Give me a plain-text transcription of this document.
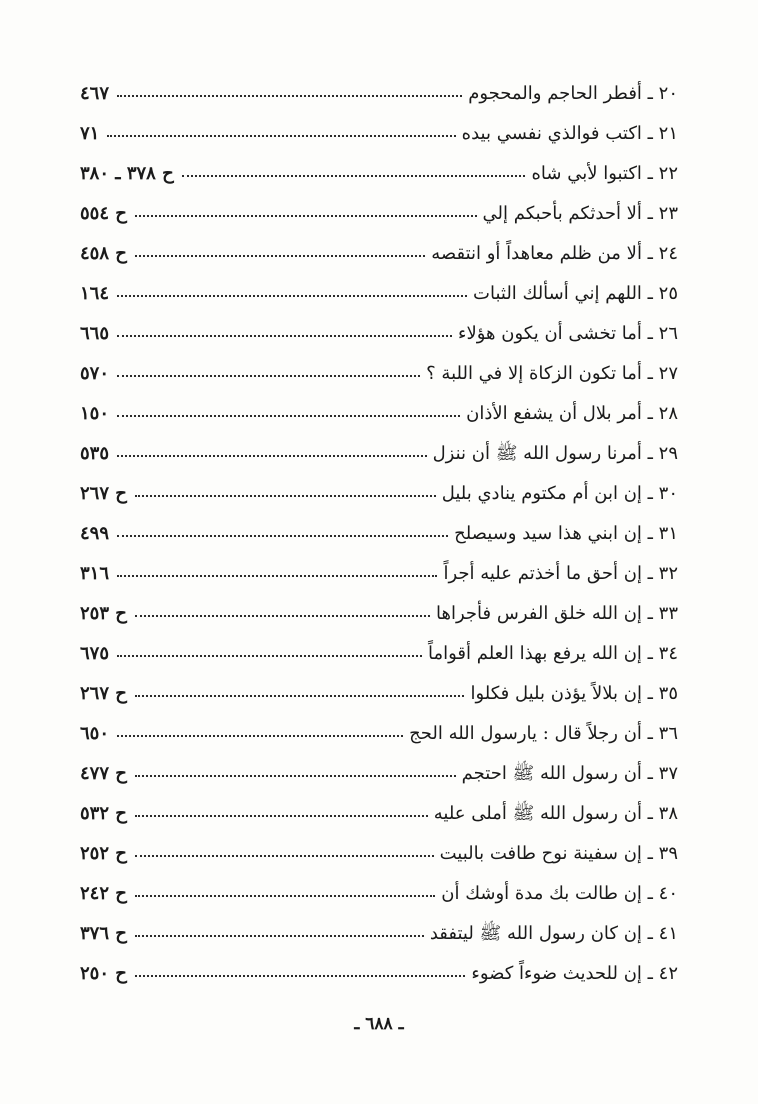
٢٠ ـ أفطر الحاجم والمحجوم
٤٦٧
٢١ ـ اكتب فوالذي نفسي بيده
٧١
٢٢ ـ اكتبوا لأبي شاه
ح ٣٧٨ ـ ٣٨٠
٢٣ ـ ألا أحدثكم بأحبكم إلي
ح ٥٥٤
٢٤ ـ ألا من ظلم معاهداً أو انتقصه
ح ٤٥٨
٢٥ ـ اللهم إني أسألك الثبات
١٦٤
٢٦ ـ أما تخشى أن يكون هؤلاء
٦٦٥
٢٧ ـ أما تكون الزكاة إلا في اللبة ؟
٥٧٠
٢٨ ـ أمر بلال أن يشفع الأذان
١٥٠
٢٩ ـ أمرنا رسول الله ﷺ أن ننزل
٥٣٥
٣٠ ـ إن ابن أم مكتوم ينادي بليل
ح ٢٦٧
٣١ ـ إن ابني هذا سيد وسيصلح
٤٩٩
٣٢ ـ إن أحق ما أخذتم عليه أجراً
٣١٦
٣٣ ـ إن الله خلق الفرس فأجراها
ح ٢٥٣
٣٤ ـ إن الله يرفع بهذا العلم أقواماً
٦٧٥
٣٥ ـ إن بلالاً يؤذن بليل فكلوا
ح ٢٦٧
٣٦ ـ أن رجلاً قال : يارسول الله الحج
٦٥٠
٣٧ ـ أن رسول الله ﷺ احتجم
ح ٤٧٧
٣٨ ـ أن رسول الله ﷺ أملى عليه
ح ٥٣٢
٣٩ ـ إن سفينة نوح طافت بالبيت
ح ٢٥٢
٤٠ ـ إن طالت بك مدة أوشك أن
ح ٢٤٢
٤١ ـ إن كان رسول الله ﷺ ليتفقد
ح ٣٧٦
٤٢ ـ إن للحديث ضوءاً كضوء
ح ٢٥٠
ـ ٦٨٨ ـ
